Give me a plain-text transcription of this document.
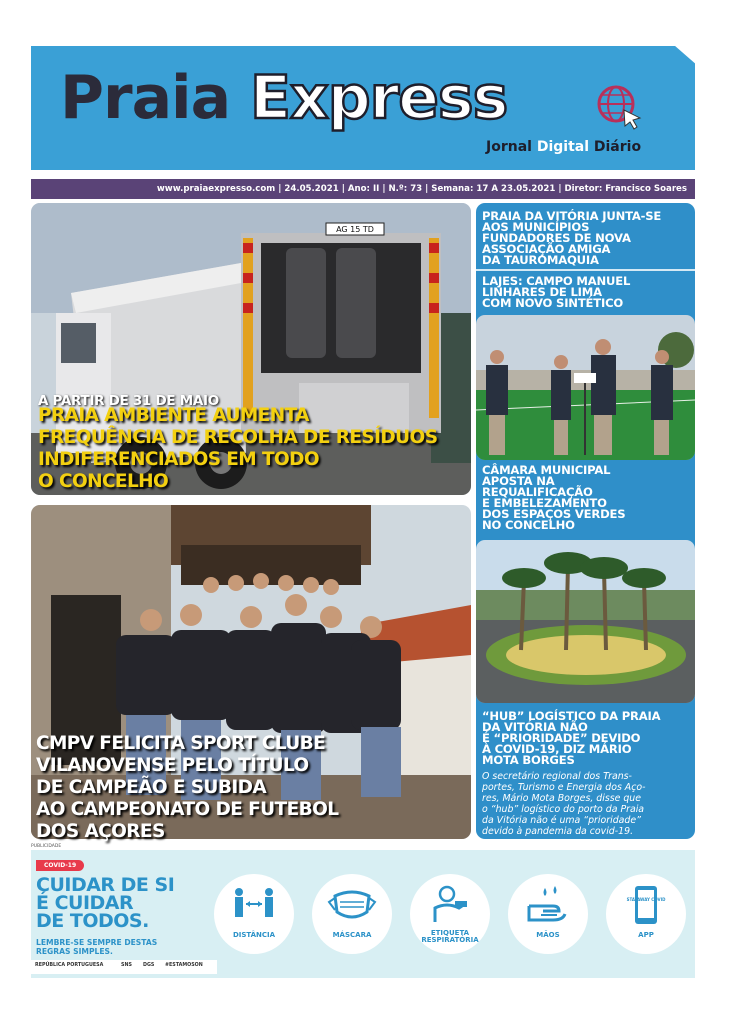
Praia Express
Jornal Digital Diário
www.praiaexpresso.com | 24.05.2021 | Ano: II | N.º: 73 | Semana: 17 A 23.05.2021 | Diretor: Francisco Soares
AG 15 TD
A PARTIR DE 31 DE MAIO
PRAIA AMBIENTE AUMENTA
FREQUÊNCIA DE RECOLHA DE RESÍDUOS
INDIFERENCIADOS EM TODO
O CONCELHO
CMPV FELICITA SPORT CLUBE
VILANOVENSE PELO TÍTULO
DE CAMPEÃO E SUBIDA
AO CAMPEONATO DE FUTEBOL
DOS AÇORES
PRAIA DA VITÓRIA JUNTA-SE
AOS MUNICÍPIOS
FUNDADORES DE NOVA
ASSOCIAÇÃO AMIGA
DA TAUROMAQUIA
LAJES: CAMPO MANUEL
LINHARES DE LIMA
COM NOVO SINTÉTICO
CÂMARA MUNICIPAL
APOSTA NA
REQUALIFICAÇÃO
E EMBELEZAMENTO
DOS ESPAÇOS VERDES
NO CONCELHO
“HUB” LOGÍSTICO DA PRAIA
DA VITÓRIA NÃO
É “PRIORIDADE” DEVIDO
À COVID-19, DIZ MÁRIO
MOTA BORGES
O secretário regional dos Trans-
portes, Turismo e Energia dos Aço-
res, Mário Mota Borges, disse que
o “hub” logístico do porto da Praia
da Vitória não é uma “prioridade”
devido à pandemia da covid-19.
PUBLICIDADE
COVID-19
CUIDAR DE SI
É CUIDAR
DE TODOS.
LEMBRE-SE SEMPRE DESTAS
REGRAS SIMPLES.
REPÚBLICA PORTUGUESA	SNS DGS #ESTAMOSON
DISTÂNCIA	MÁSCARA	ETIQUETA
RESPIRATÓRIA
MÃOS
STAYAWAY COVID
APP
